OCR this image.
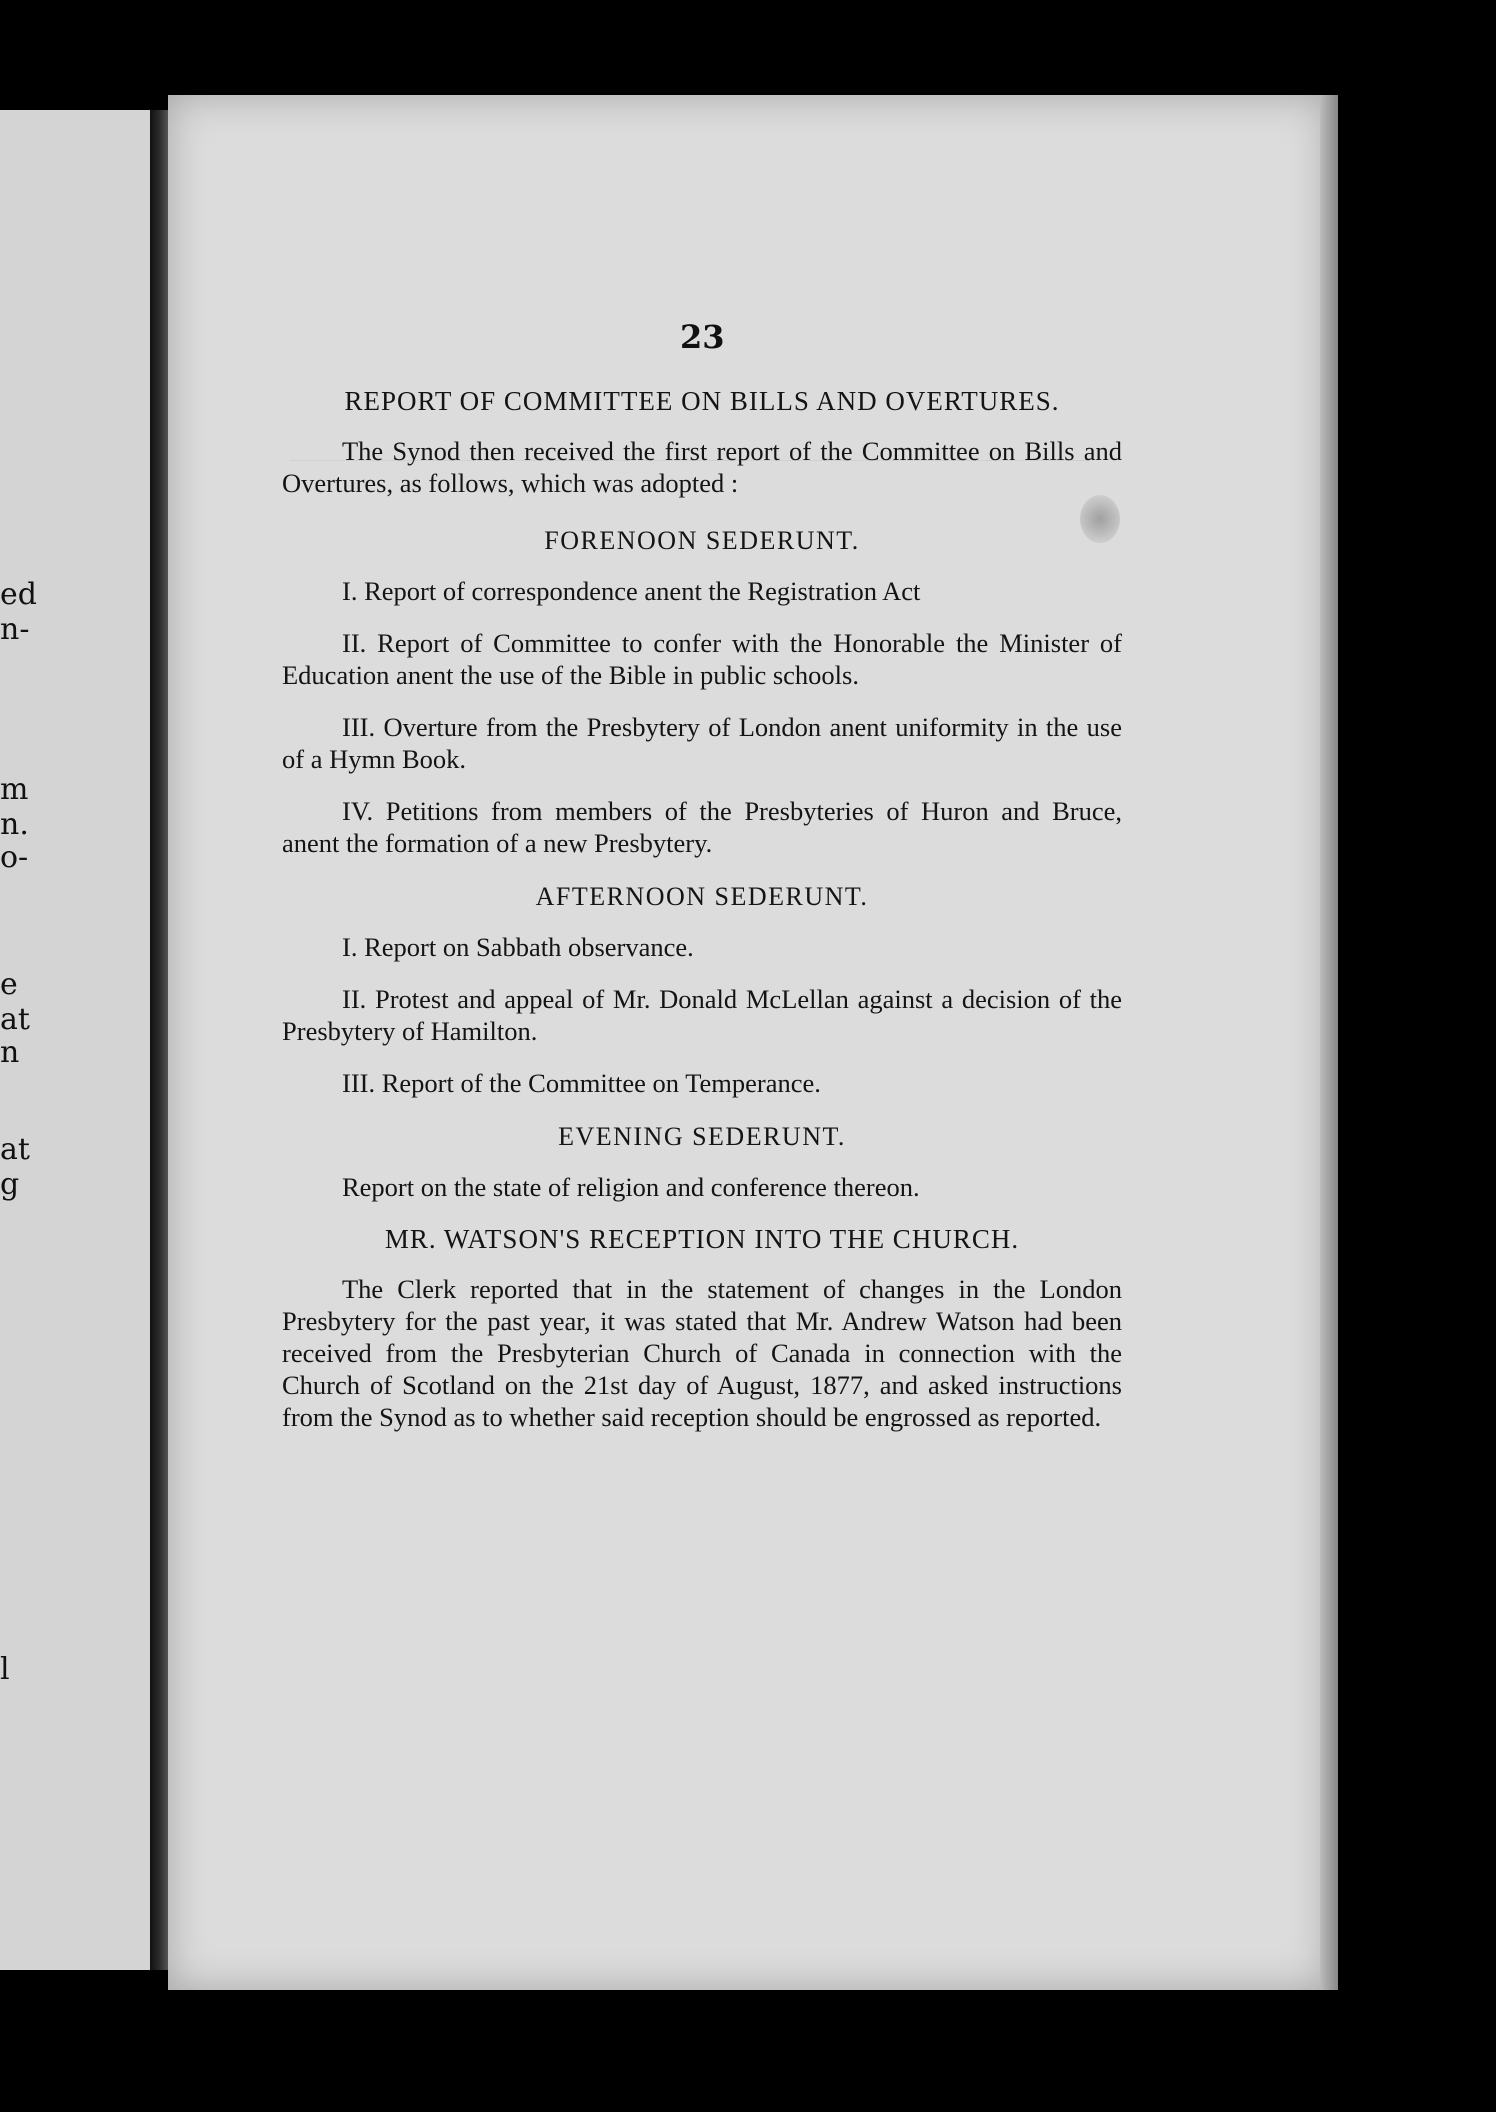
ed
n-
m
n.
o-
e
at
n
at
g
l
23
REPORT OF COMMITTEE ON BILLS AND OVERTURES.

The Synod then received the first report of the Committee on Bills and Overtures, as follows, which was adopted :

FORENOON SEDERUNT.

I. Report of correspondence anent the Registration Act

II. Report of Committee to confer with the Honorable the Minister of Education anent the use of the Bible in public schools.

III. Overture from the Presbytery of London anent uniformity in the use of a Hymn Book.

IV. Petitions from members of the Presbyteries of Huron and Bruce, anent the formation of a new Presbytery.

AFTERNOON SEDERUNT.

I. Report on Sabbath observance.

II. Protest and appeal of Mr. Donald McLellan against a decision of the Presbytery of Hamilton.

III. Report of the Committee on Temperance.

EVENING SEDERUNT.

Report on the state of religion and conference thereon.

MR. WATSON'S RECEPTION INTO THE CHURCH.

The Clerk reported that in the statement of changes in the London Presbytery for the past year, it was stated that Mr. Andrew Watson had been received from the Presbyterian Church of Canada in connection with the Church of Scotland on the 21st day of August, 1877, and asked instructions from the Synod as to whether said reception should be engrossed as reported.
